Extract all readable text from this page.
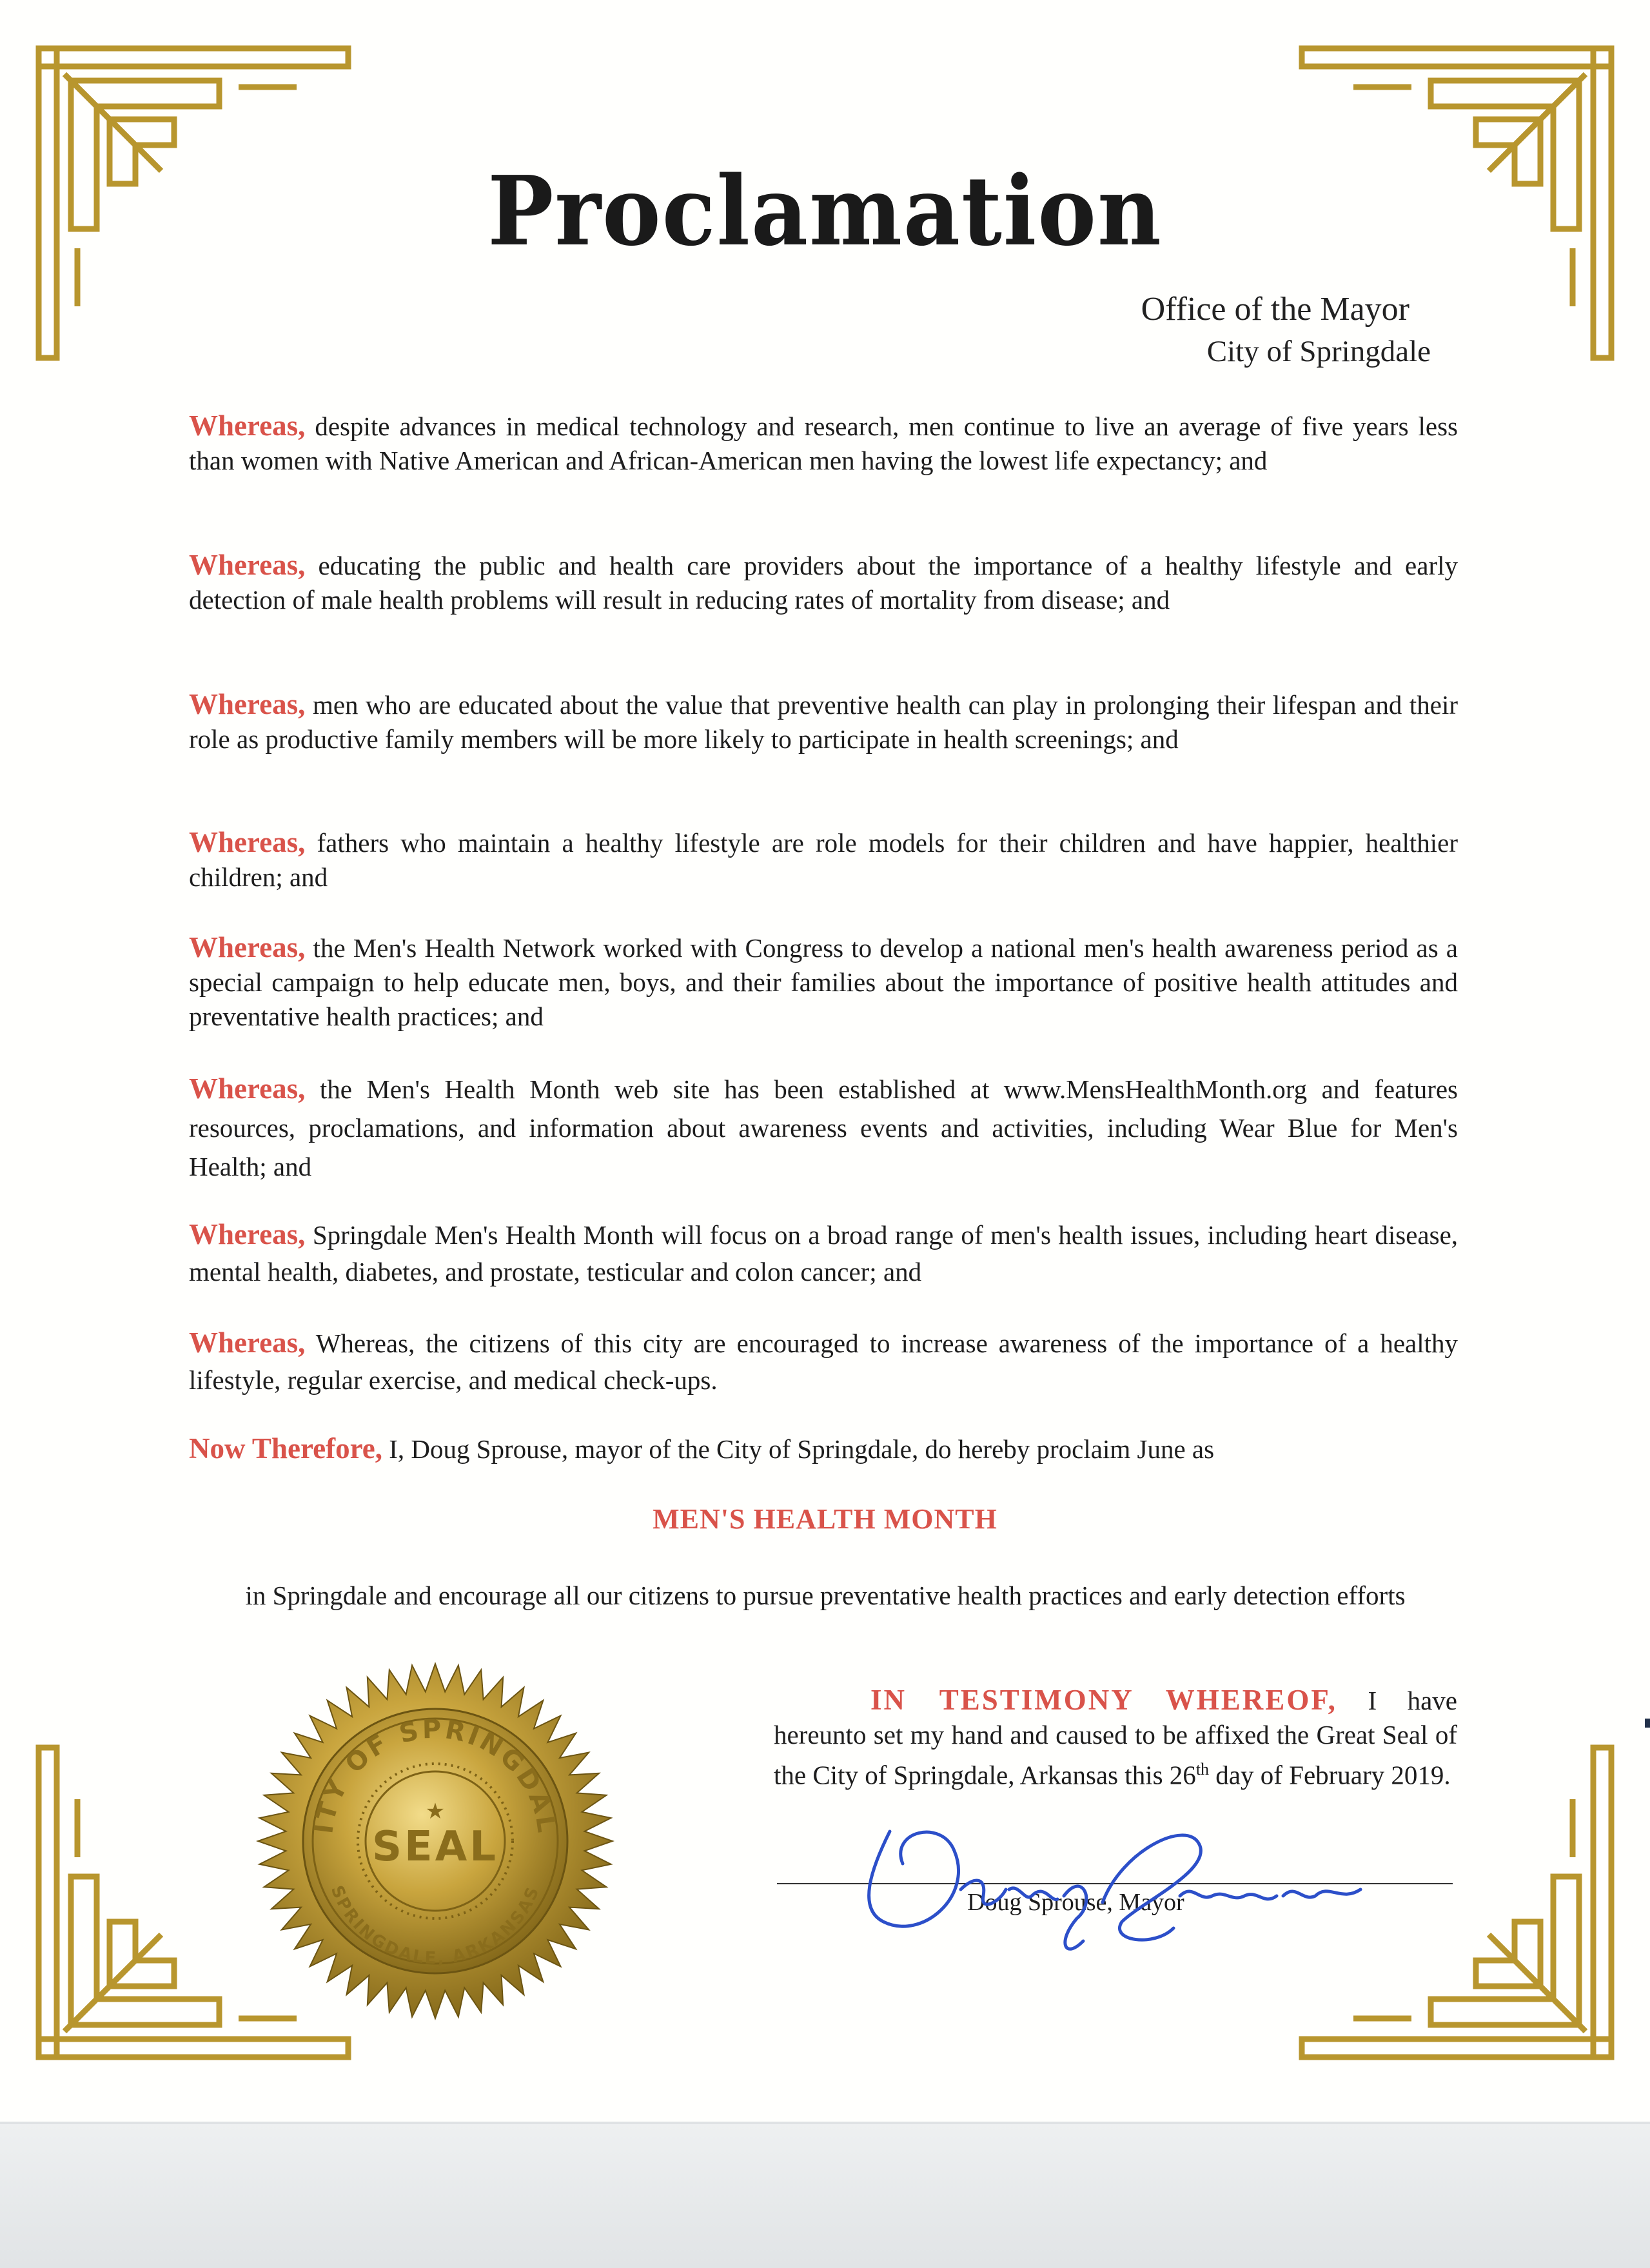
Proclamation
Office of the Mayor
City of Springdale
Whereas, despite advances in medical technology and research, men continue to live an average of five years less than women with Native American and African-American men having the lowest life expectancy; and
Whereas, educating the public and health care providers about the importance of a healthy lifestyle and early detection of male health problems will result in reducing rates of mortality from disease; and
Whereas, men who are educated about the value that preventive health can play in prolonging their lifespan and their role as productive family members will be more likely to participate in health screenings; and
Whereas, fathers who maintain a healthy lifestyle are role models for their children and have happier, healthier children; and
Whereas, the Men's Health Network worked with Congress to develop a national men's health awareness period as a special campaign to help educate men, boys, and their families about the importance of positive health attitudes and preventative health practices; and
Whereas, the Men's Health Month web site has been established at www.MensHealthMonth.org and features resources, proclamations, and information about awareness events and activities, including Wear Blue for Men's Health; and
Whereas, Springdale Men's Health Month will focus on a broad range of men's health issues, including heart disease, mental health, diabetes, and prostate, testicular and colon cancer; and
Whereas, Whereas, the citizens of this city are encouraged to increase awareness of the importance of a healthy lifestyle, regular exercise, and medical check-ups.
Now Therefore, I, Doug Sprouse, mayor of the City of Springdale, do hereby proclaim June as
MEN'S HEALTH MONTH
in Springdale and encourage all our citizens to pursue preventative health practices and early detection efforts
ITY OF SPRINGDAL
SPRINGDALE, ARKANSAS
★
SEAL
IN TESTIMONY WHEREOF, I have hereunto set my hand and caused to be affixed the Great Seal of the City of Springdale, Arkansas this 26th day of February 2019.
Doug Sprouse, Mayor
